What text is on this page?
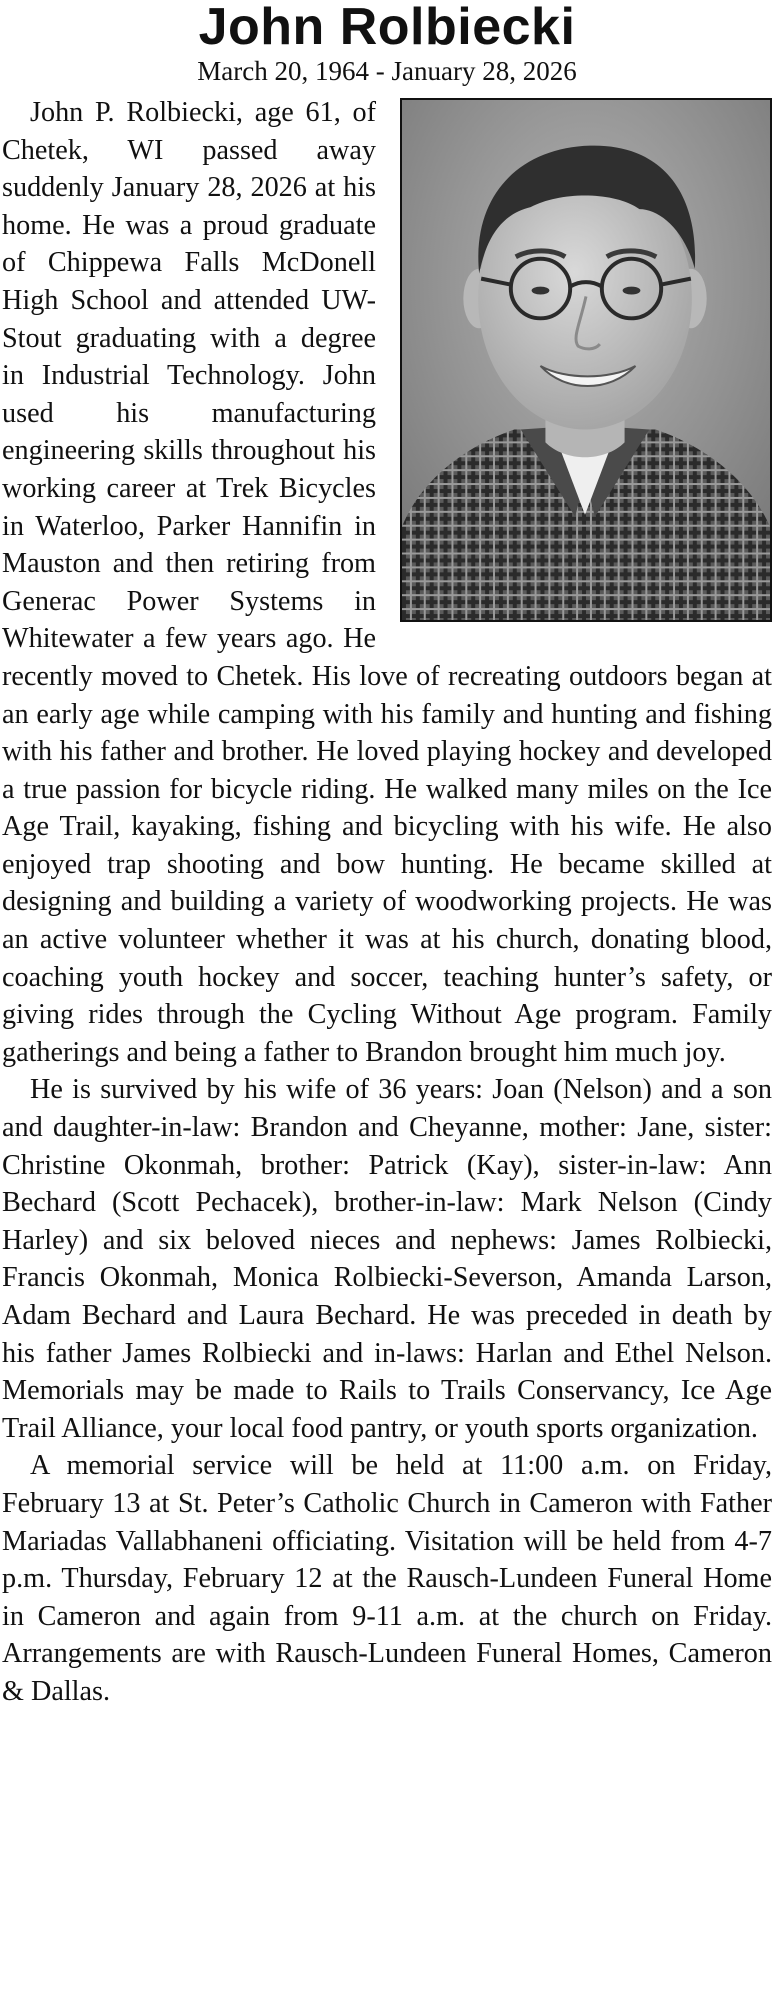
John Rolbiecki
March 20, 1964 - January 28, 2026

John P. Rolbiecki, age 61, of Chetek, WI passed away suddenly January 28, 2026 at his home. He was a proud graduate of Chippewa Falls McDonell High School and attended UW-Stout graduating with a degree in Industrial Technology. John used his manufacturing engineering skills throughout his working career at Trek Bicycles in Waterloo, Parker Hannifin in Mauston and then retiring from Generac Power Systems in Whitewater a few years ago. He recently moved to Chetek. His love of recreating outdoors began at an early age while camping with his family and hunting and fishing with his father and brother. He loved playing hockey and developed a true passion for bicycle riding. He walked many miles on the Ice Age Trail, kayaking, fishing and bicycling with his wife. He also enjoyed trap shooting and bow hunting. He became skilled at designing and building a variety of woodworking projects. He was an active volunteer whether it was at his church, donating blood, coaching youth hockey and soccer, teaching hunter’s safety, or giving rides through the Cycling Without Age program. Family gatherings and being a father to Brandon brought him much joy.

He is survived by his wife of 36 years: Joan (Nelson) and a son and daughter-in-law: Brandon and Cheyanne, mother: Jane, sister: Christine Okonmah, brother: Patrick (Kay), sister-in-law: Ann Bechard (Scott Pechacek), brother-in-law: Mark Nelson (Cindy Harley) and six beloved nieces and nephews: James Rolbiecki, Francis Okonmah, Monica Rolbiecki-Severson, Amanda Larson, Adam Bechard and Laura Bechard. He was preceded in death by his father James Rolbiecki and in-laws: Harlan and Ethel Nelson. Memorials may be made to Rails to Trails Conservancy, Ice Age Trail Alliance, your local food pantry, or youth sports organization.

A memorial service will be held at 11:00 a.m. on Friday, February 13 at St. Peter’s Catholic Church in Cameron with Father Mariadas Vallabhaneni officiating. Visitation will be held from 4-7 p.m. Thursday, February 12 at the Rausch-Lundeen Funeral Home in Cameron and again from 9-11 a.m. at the church on Friday. Arrangements are with Rausch-Lundeen Funeral Homes, Cameron & Dallas.
